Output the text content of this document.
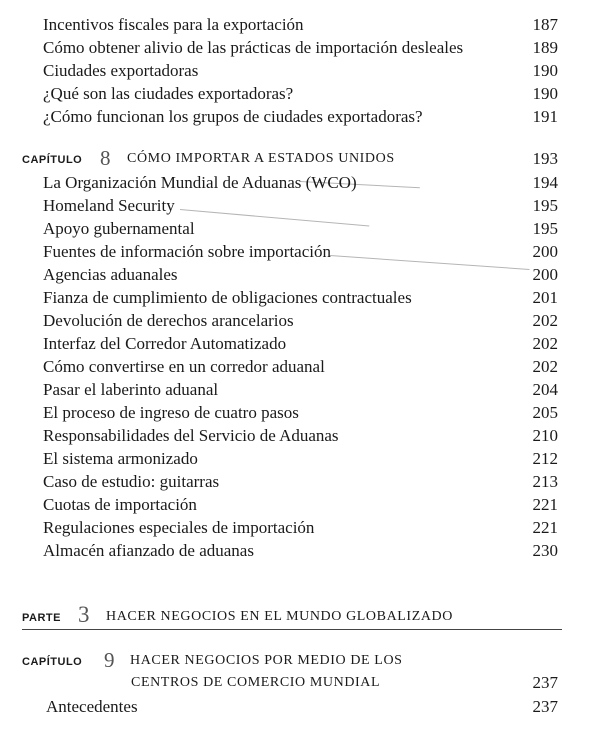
Incentivos fiscales para la exportación	187
Cómo obtener alivio de las prácticas de importación desleales	189
Ciudades exportadoras	190
¿Qué son las ciudades exportadoras?	190
¿Cómo funcionan los grupos de ciudades exportadoras?	191
CAPÍTULO 8 CÓMO IMPORTAR A ESTADOS UNIDOS	193
La Organización Mundial de Aduanas (WCO)	194
Homeland Security	195
Apoyo gubernamental	195
Fuentes de información sobre importación	200
Agencias aduanales	200
Fianza de cumplimiento de obligaciones contractuales	201
Devolución de derechos arancelarios	202
Interfaz del Corredor Automatizado	202
Cómo convertirse en un corredor aduanal	202
Pasar el laberinto aduanal	204
El proceso de ingreso de cuatro pasos	205
Responsabilidades del Servicio de Aduanas	210
El sistema armonizado	212
Caso de estudio: guitarras	213
Cuotas de importación	221
Regulaciones especiales de importación	221
Almacén afianzado de aduanas	230
PARTE 3 HACER NEGOCIOS EN EL MUNDO GLOBALIZADO
CAPÍTULO 9 HACER NEGOCIOS POR MEDIO DE LOS
CENTROS DE COMERCIO MUNDIAL	237
Antecedentes	237
